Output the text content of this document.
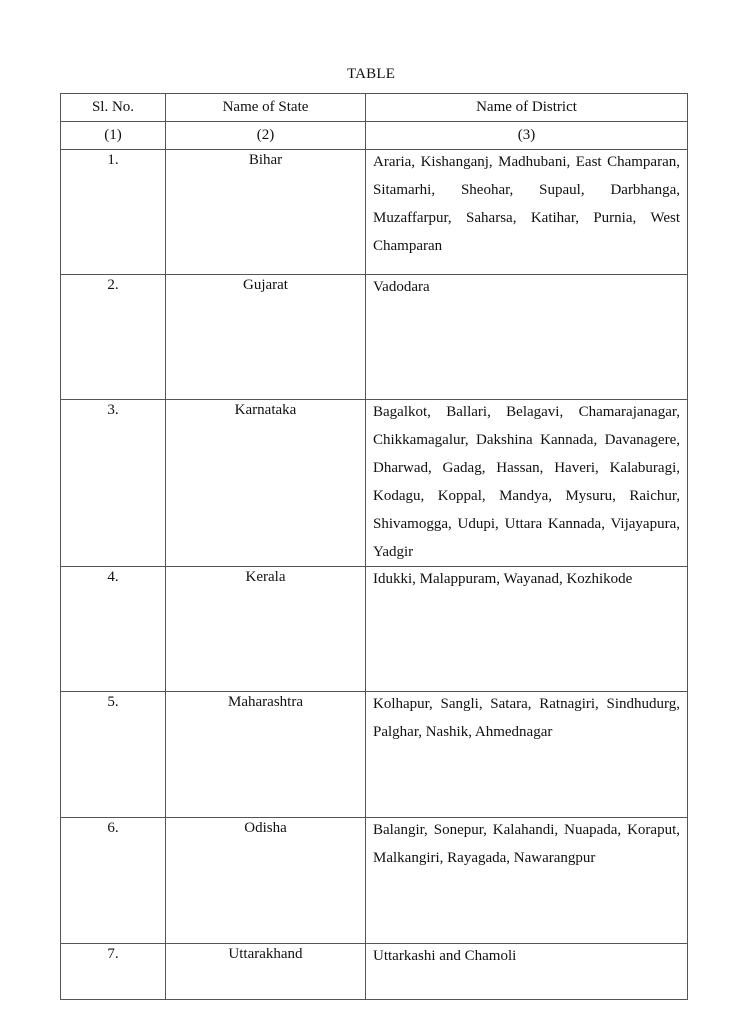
TABLE
Sl. No.	Name of State	Name of District
(1)	(2)	(3)

1.	Bihar	Araria, Kishanganj, Madhubani, East Champaran, Sitamarhi, Sheohar, Supaul, Darbhanga, Muzaffarpur, Saharsa, Katihar, Purnia, West Champaran

2.	Gujarat	Vadodara

3.	Karnataka	Bagalkot, Ballari, Belagavi, Chamarajanagar, Chikkamagalur, Dakshina Kannada, Davanagere, Dharwad, Gadag, Hassan, Haveri, Kalaburagi, Kodagu, Koppal, Mandya, Mysuru, Raichur, Shivamogga, Udupi, Uttara Kannada, Vijayapura, Yadgir

4.	Kerala	Idukki, Malappuram, Wayanad, Kozhikode

5.	Maharashtra	Kolhapur, Sangli, Satara, Ratnagiri, Sindhudurg, Palghar, Nashik, Ahmednagar

6.	Odisha	Balangir, Sonepur, Kalahandi, Nuapada, Koraput, Malkangiri, Rayagada, Nawarangpur

7.	Uttarakhand	Uttarkashi and Chamoli
